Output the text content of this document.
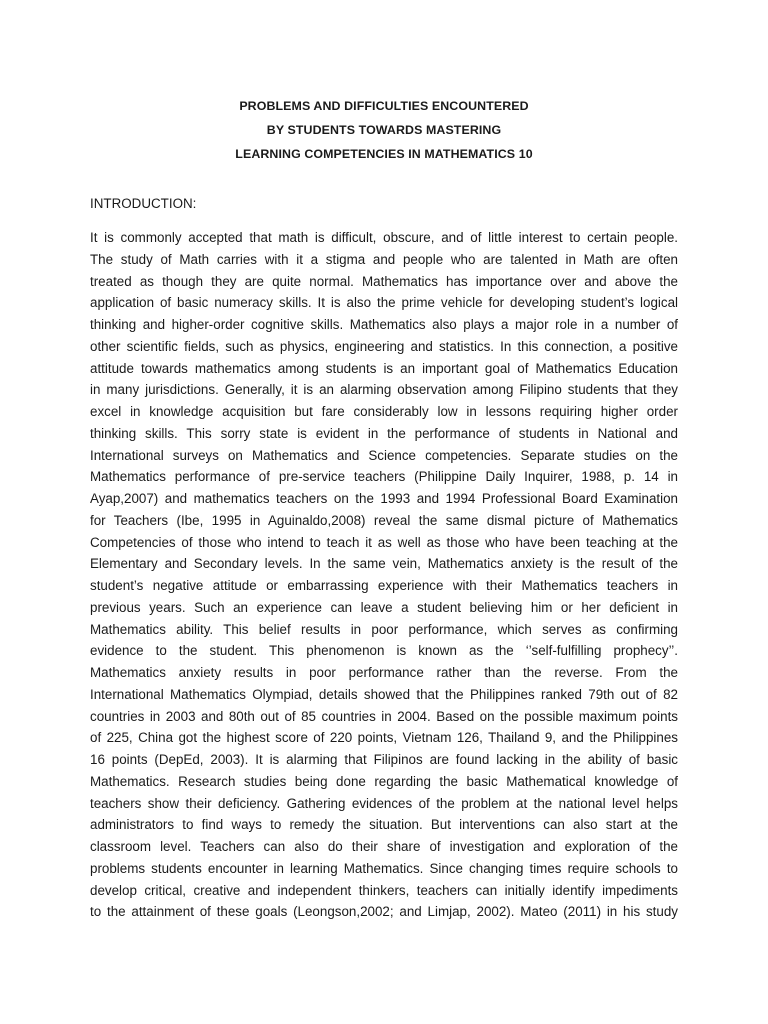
PROBLEMS AND DIFFICULTIES ENCOUNTERED
BY STUDENTS TOWARDS MASTERING
LEARNING COMPETENCIES IN MATHEMATICS 10
INTRODUCTION:
It is commonly accepted that math is difficult, obscure, and of little interest to certain people.
The study of Math carries with it a stigma and people who are talented in Math are often
treated as though they are quite normal. Mathematics has importance over and above the
application of basic numeracy skills. It is also the prime vehicle for developing student’s logical
thinking and higher-order cognitive skills. Mathematics also plays a major role in a number of
other scientific fields, such as physics, engineering and statistics. In this connection, a positive
attitude towards mathematics among students is an important goal of Mathematics Education
in many jurisdictions. Generally, it is an alarming observation among Filipino students that they
excel in knowledge acquisition but fare considerably low in lessons requiring higher order
thinking skills. This sorry state is evident in the performance of students in National and
International surveys on Mathematics and Science competencies. Separate studies on the
Mathematics performance of pre-service teachers (Philippine Daily Inquirer, 1988, p. 14 in
Ayap,2007) and mathematics teachers on the 1993 and 1994 Professional Board Examination
for Teachers (Ibe, 1995 in Aguinaldo,2008) reveal the same dismal picture of Mathematics
Competencies of those who intend to teach it as well as those who have been teaching at the
Elementary and Secondary levels. In the same vein, Mathematics anxiety is the result of the
student’s negative attitude or embarrassing experience with their Mathematics teachers in
previous years. Such an experience can leave a student believing him or her deficient in
Mathematics ability. This belief results in poor performance, which serves as confirming
evidence to the student. This phenomenon is known as the ‘’self-fulfilling prophecy’’.
Mathematics anxiety results in poor performance rather than the reverse. From the
International Mathematics Olympiad, details showed that the Philippines ranked 79th out of 82
countries in 2003 and 80th out of 85 countries in 2004. Based on the possible maximum points
of 225, China got the highest score of 220 points, Vietnam 126, Thailand 9, and the Philippines
16 points (DepEd, 2003). It is alarming that Filipinos are found lacking in the ability of basic
Mathematics. Research studies being done regarding the basic Mathematical knowledge of
teachers show their deficiency. Gathering evidences of the problem at the national level helps
administrators to find ways to remedy the situation. But interventions can also start at the
classroom level. Teachers can also do their share of investigation and exploration of the
problems students encounter in learning Mathematics. Since changing times require schools to
develop critical, creative and independent thinkers, teachers can initially identify impediments
to the attainment of these goals (Leongson,2002; and Limjap, 2002). Mateo (2011) in his study
